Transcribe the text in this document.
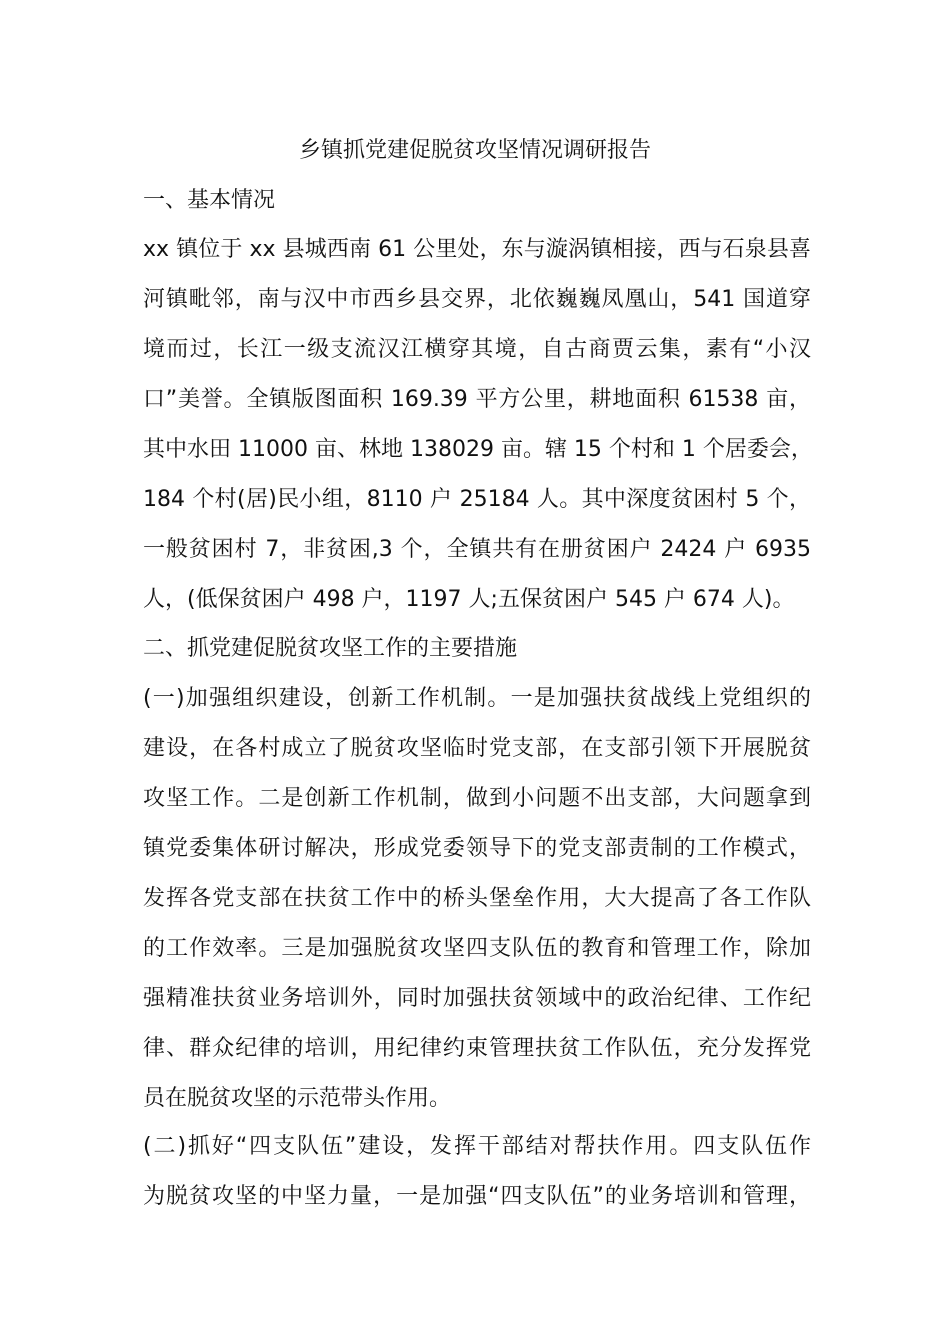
乡镇抓党建促脱贫攻坚情况调研报告
一、基本情况
xx 镇位于 xx 县城西南 61 公里处，东与漩涡镇相接，西与石泉县喜
河镇毗邻，南与汉中市西乡县交界，北依巍巍凤凰山，541 国道穿
境而过，长江一级支流汉江横穿其境，自古商贾云集，素有“小汉
口”美誉。全镇版图面积 169.39 平方公里，耕地面积 61538 亩，
其中水田 11000 亩、林地 138029 亩。辖 15 个村和 1 个居委会，
184 个村(居)民小组，8110 户 25184 人。其中深度贫困村 5 个，
一般贫困村 7，非贫困,3 个，全镇共有在册贫困户 2424 户 6935
人，(低保贫困户 498 户，1197 人;五保贫困户 545 户 674 人)。
二、抓党建促脱贫攻坚工作的主要措施
(一)加强组织建设，创新工作机制。一是加强扶贫战线上党组织的
建设，在各村成立了脱贫攻坚临时党支部，在支部引领下开展脱贫
攻坚工作。二是创新工作机制，做到小问题不出支部，大问题拿到
镇党委集体研讨解决，形成党委领导下的党支部责制的工作模式，
发挥各党支部在扶贫工作中的桥头堡垒作用，大大提高了各工作队
的工作效率。三是加强脱贫攻坚四支队伍的教育和管理工作，除加
强精准扶贫业务培训外，同时加强扶贫领域中的政治纪律、工作纪
律、群众纪律的培训，用纪律约束管理扶贫工作队伍，充分发挥党
员在脱贫攻坚的示范带头作用。
(二)抓好“四支队伍”建设，发挥干部结对帮扶作用。四支队伍作
为脱贫攻坚的中坚力量，一是加强“四支队伍”的业务培训和管理，
